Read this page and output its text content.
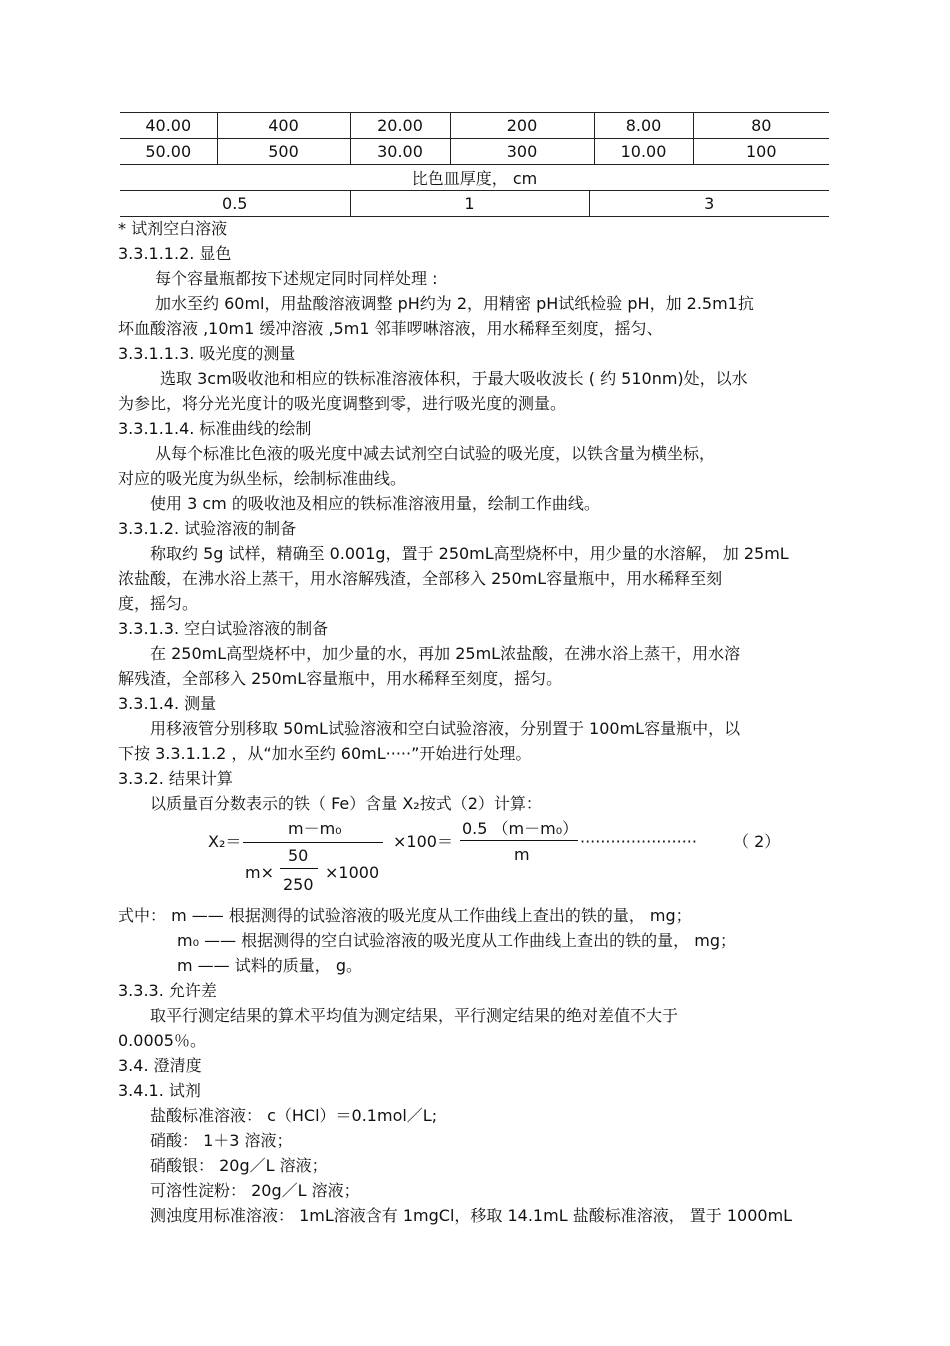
40.00	400	20.00	200	8.00	80
50.00	500	30.00	300	10.00	100
比色皿厚度， cm					
0.5	1	3
* 试剂空白溶液
3.3.1.1.2. 显色
每个容量瓶都按下述规定同时同样处理 :
加水至约 60ml，用盐酸溶液调整 pH约为 2，用精密 pH试纸检验 pH，加 2.5m1抗
坏血酸溶液 ,10m1 缓冲溶液 ,5m1 邻菲啰啉溶液，用水稀释至刻度，摇匀、
3.3.1.1.3. 吸光度的测量
选取 3cm吸收池和相应的铁标准溶液体积，于最大吸收波长 ( 约 510nm)处，以水
为参比，将分光光度计的吸光度调整到零，进行吸光度的测量。
3.3.1.1.4. 标准曲线的绘制
从每个标准比色液的吸光度中减去试剂空白试验的吸光度，以铁含量为横坐标，
对应的吸光度为纵坐标，绘制标准曲线。
使用 3 cm 的吸收池及相应的铁标准溶液用量，绘制工作曲线。
3.3.1.2. 试验溶液的制备
称取约 5g 试样，精确至 0.001g，置于 250mL高型烧杯中，用少量的水溶解， 加 25mL
浓盐酸，在沸水浴上蒸干，用水溶解残渣，全部移入 250mL容量瓶中，用水稀释至刻
度，摇匀。
3.3.1.3. 空白试验溶液的制备
在 250mL高型烧杯中，加少量的水，再加 25mL浓盐酸，在沸水浴上蒸干，用水溶
解残渣，全部移入 250mL容量瓶中，用水稀释至刻度，摇匀。
3.3.1.4. 测量
用移液管分别移取 50mL试验溶液和空白试验溶液，分别置于 100mL容量瓶中，以
下按 3.3.1.1.2 ，从“加水至约 60mL·····”开始进行处理。
3.3.2. 结果计算
以质量百分数表示的铁（ Fe）含量 X₂按式（2）计算：
X₂＝
m－m₀
m×
50
250
×1000
×100＝
0.5 （m－m₀）
m
······················· （ 2）
式中： m —— 根据测得的试验溶液的吸光度从工作曲线上查出的铁的量， mg；
m₀ —— 根据测得的空白试验溶液的吸光度从工作曲线上查出的铁的量， mg；
m —— 试料的质量， g。
3.3.3. 允许差
取平行测定结果的算术平均值为测定结果，平行测定结果的绝对差值不大于
0.0005％。
3.4. 澄清度
3.4.1. 试剂
盐酸标准溶液： c（HCl）＝0.1mol／L;
硝酸： 1＋3 溶液；
硝酸银： 20g／L 溶液；
可溶性淀粉： 20g／L 溶液；
测浊度用标准溶液： 1mL溶液含有 1mgCl，移取 14.1mL 盐酸标准溶液， 置于 1000mL
